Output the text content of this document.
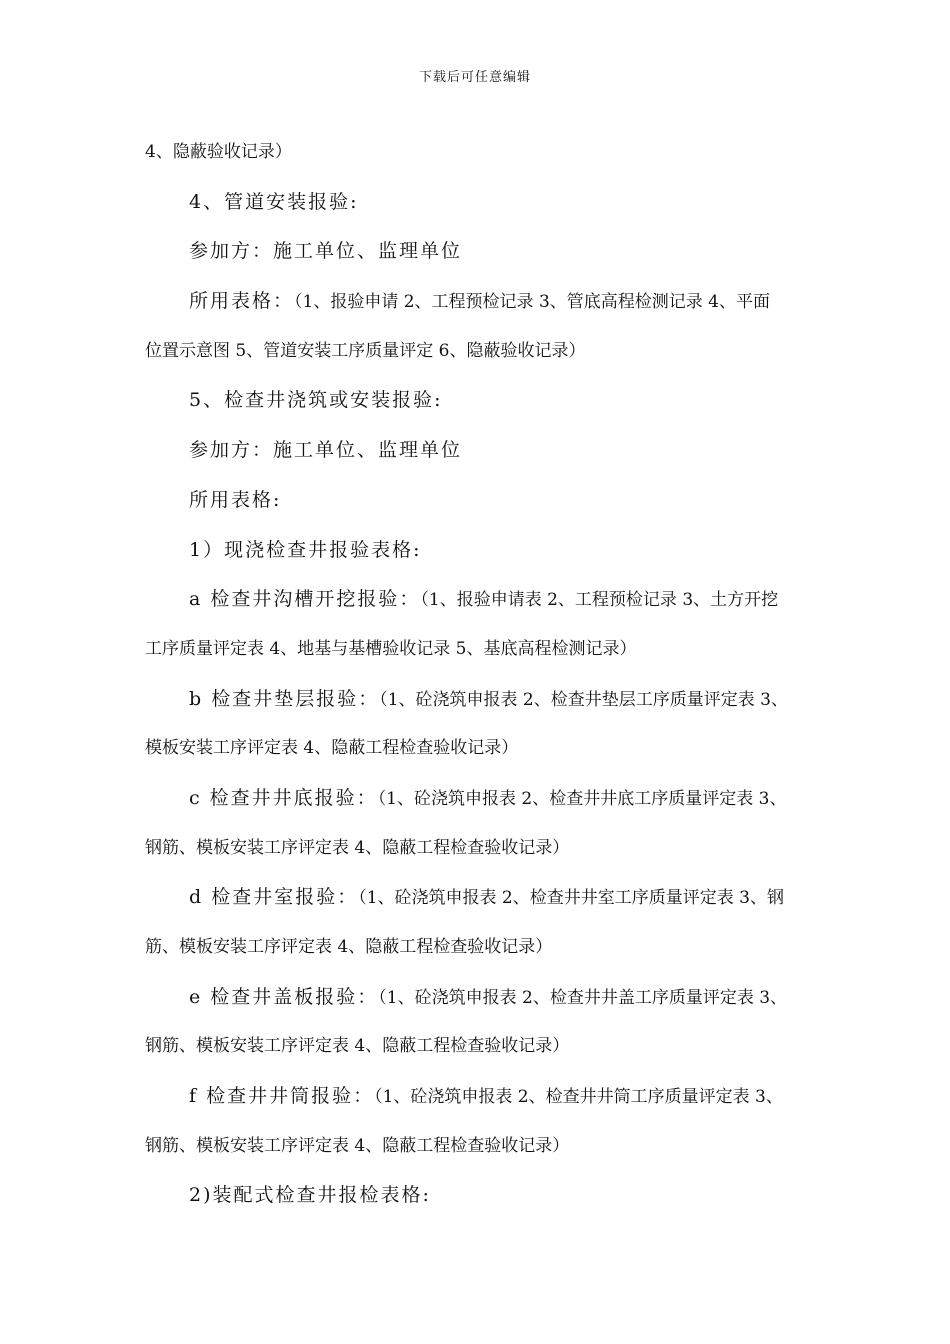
下载后可任意编辑
4、隐蔽验收记录）
4、管道安装报验:
参加方：施工单位、监理单位
所用表格：（1、报验申请 2、工程预检记录 3、管底高程检测记录 4、平面
位置示意图 5、管道安装工序质量评定 6、隐蔽验收记录）
5、检查井浇筑或安装报验:
参加方：施工单位、监理单位
所用表格:
1）现浇检查井报验表格:
a 检查井沟槽开挖报验：（1、报验申请表 2、工程预检记录 3、土方开挖
工序质量评定表 4、地基与基槽验收记录 5、基底高程检测记录）
b 检查井垫层报验：（1、砼浇筑申报表 2、检查井垫层工序质量评定表 3、
模板安装工序评定表 4、隐蔽工程检查验收记录）
c 检查井井底报验：（1、砼浇筑申报表 2、检查井井底工序质量评定表 3、
钢筋、模板安装工序评定表 4、隐蔽工程检查验收记录）
d 检查井室报验：（1、砼浇筑申报表 2、检查井井室工序质量评定表 3、钢
筋、模板安装工序评定表 4、隐蔽工程检查验收记录）
e 检查井盖板报验：（1、砼浇筑申报表 2、检查井井盖工序质量评定表 3、
钢筋、模板安装工序评定表 4、隐蔽工程检查验收记录）
f 检查井井筒报验：（1、砼浇筑申报表 2、检查井井筒工序质量评定表 3、
钢筋、模板安装工序评定表 4、隐蔽工程检查验收记录）
2)装配式检查井报检表格:
